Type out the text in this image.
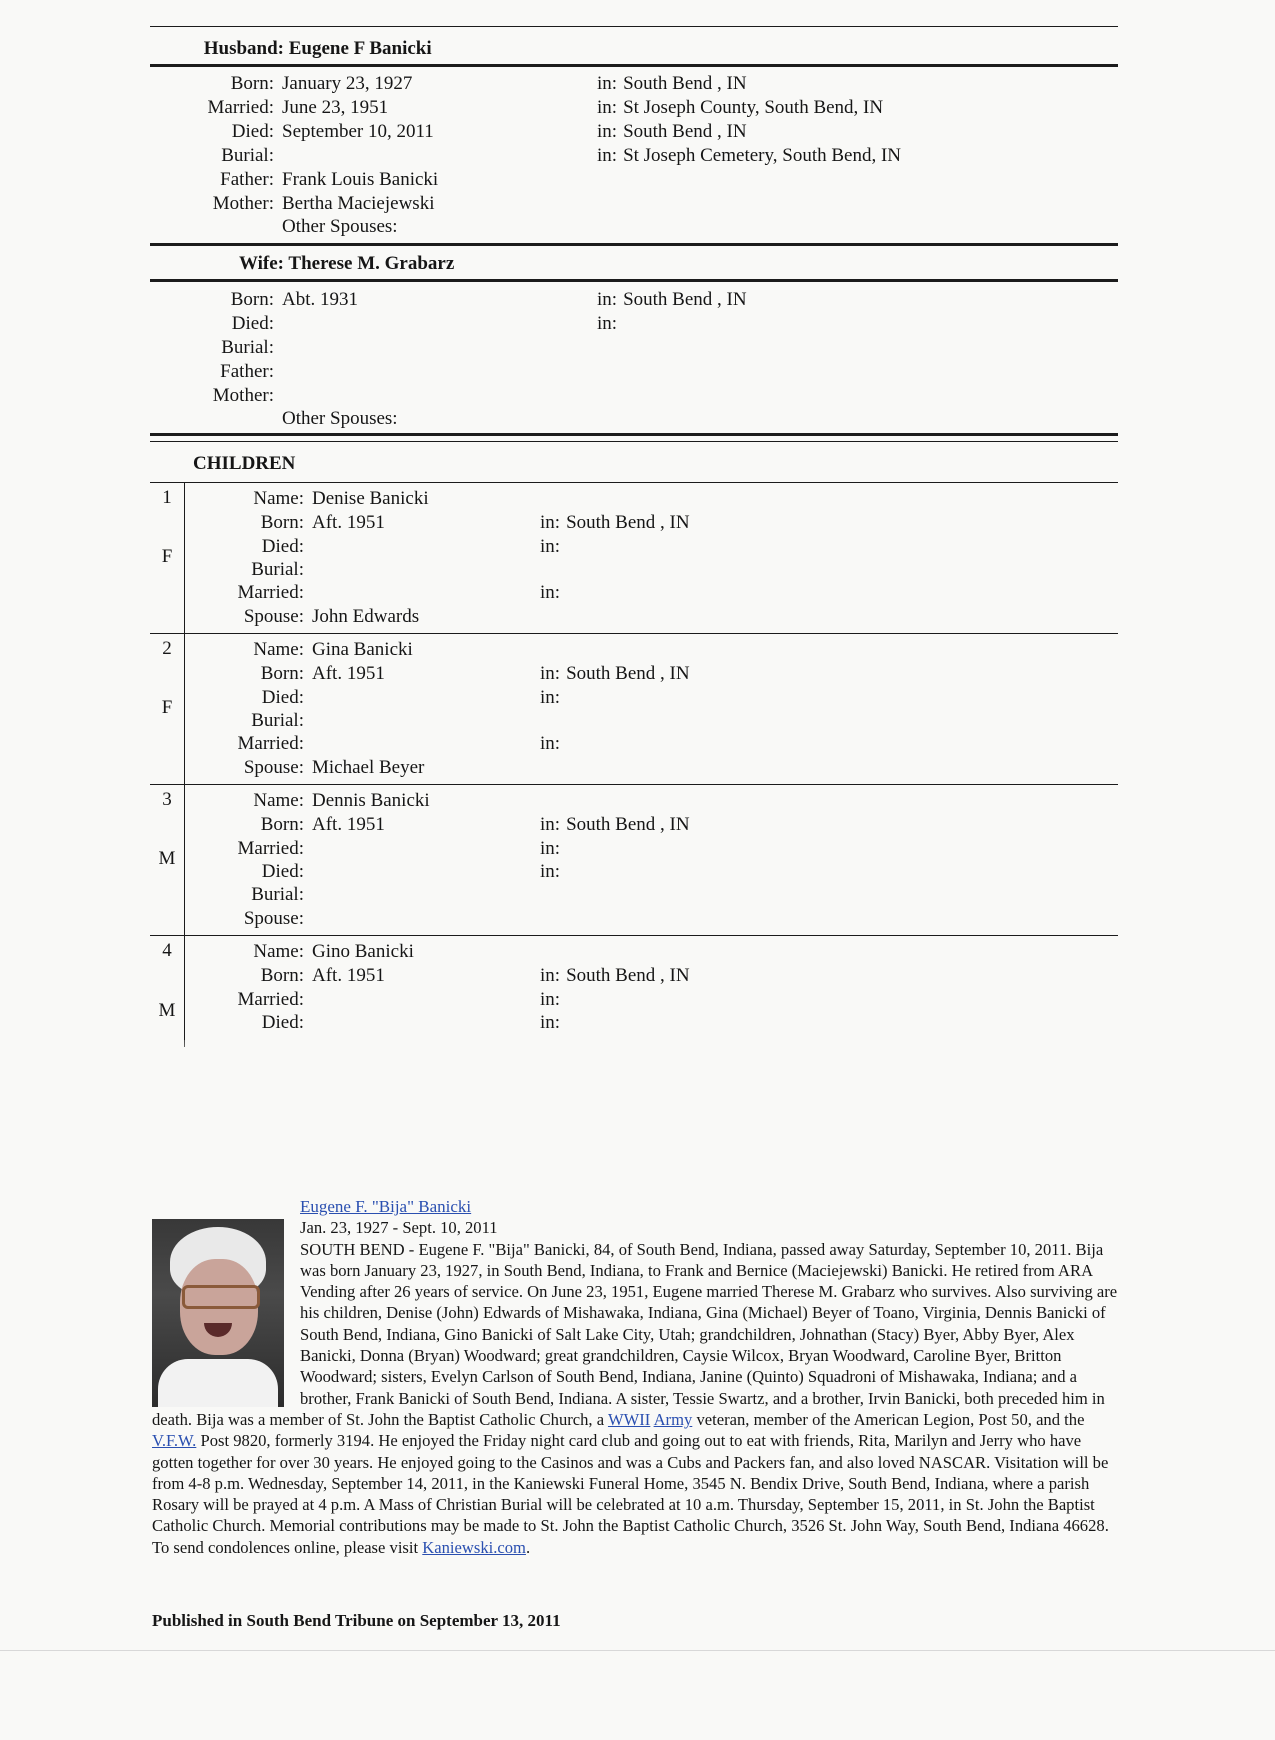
Husband: Eugene F Banicki
Born: January 23, 1927	in: South Bend , IN
Married: June 23, 1951	in: St Joseph County, South Bend, IN
Died: September 10, 2011	in: South Bend , IN
Burial:	in: St Joseph Cemetery, South Bend, IN
Father: Frank Louis Banicki
Mother: Bertha Maciejewski
Other Spouses:
Wife: Therese M. Grabarz
Born: Abt. 1931	in: South Bend , IN
Died:	in:
Burial:
Father:
Mother:
Other Spouses:
CHILDREN
1
F
Name: Denise Banicki
Born: Aft. 1951	in: South Bend , IN
Died:	in:
Burial:
Married:	in:
Spouse: John Edwards
2
F
Name: Gina Banicki
Born: Aft. 1951	in: South Bend , IN
Died:	in:
Burial:
Married:	in:
Spouse: Michael Beyer
3
M
Name: Dennis Banicki
Born: Aft. 1951	in: South Bend , IN
Married:	in:
Died:	in:
Burial:
Spouse:
4
M
Name: Gino Banicki
Born: Aft. 1951	in: South Bend , IN
Married:	in:
Died:	in:
Eugene F. "Bija" Banicki
Jan. 23, 1927 - Sept. 10, 2011

SOUTH BEND - Eugene F. "Bija" Banicki, 84, of South Bend, Indiana, passed away Saturday, September 10, 2011. Bija was born January 23, 1927, in South Bend, Indiana, to Frank and Bernice (Maciejewski) Banicki. He retired from ARA Vending after 26 years of service. On June 23, 1951, Eugene married Therese M. Grabarz who survives. Also surviving are his children, Denise (John) Edwards of Mishawaka, Indiana, Gina (Michael) Beyer of Toano, Virginia, Dennis Banicki of South Bend, Indiana, Gino Banicki of Salt Lake City, Utah; grandchildren, Johnathan (Stacy) Byer, Abby Byer, Alex Banicki, Donna (Bryan) Woodward; great grandchildren, Caysie Wilcox, Bryan Woodward, Caroline Byer, Britton Woodward; sisters, Evelyn Carlson of South Bend, Indiana, Janine (Quinto) Squadroni of Mishawaka, Indiana; and a brother, Frank Banicki of South Bend, Indiana. A sister, Tessie Swartz, and a brother, Irvin Banicki, both preceded him in death. Bija was a member of St. John the Baptist Catholic Church, a WWII Army veteran, member of the American Legion, Post 50, and the V.F.W. Post 9820, formerly 3194. He enjoyed the Friday night card club and going out to eat with friends, Rita, Marilyn and Jerry who have gotten together for over 30 years. He enjoyed going to the Casinos and was a Cubs and Packers fan, and also loved NASCAR. Visitation will be from 4-8 p.m. Wednesday, September 14, 2011, in the Kaniewski Funeral Home, 3545 N. Bendix Drive, South Bend, Indiana, where a parish Rosary will be prayed at 4 p.m. A Mass of Christian Burial will be celebrated at 10 a.m. Thursday, September 15, 2011, in St. John the Baptist Catholic Church. Memorial contributions may be made to St. John the Baptist Catholic Church, 3526 St. John Way, South Bend, Indiana 46628. To send condolences online, please visit Kaniewski.com.

Published in South Bend Tribune on September 13, 2011
